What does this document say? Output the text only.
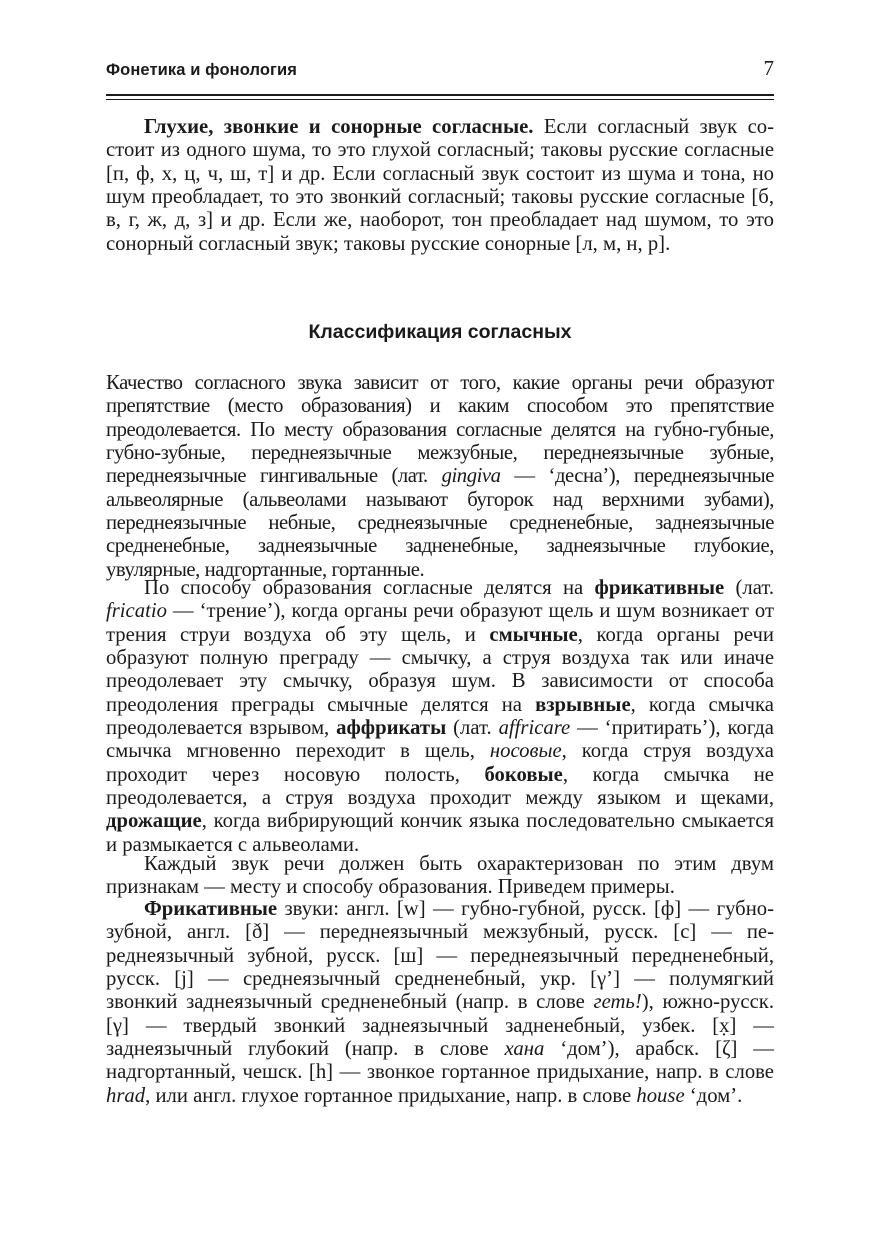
Фонетика и фонология	7

Глухие, звонкие и сонорные согласные. Если согласный звук состоит из одного шума, то это глухой согласный; таковы русские согласные [п, ф, х, ц, ч, ш, т] и др. Если согласный звук состоит из шума и тона, но шум преобладает, то это звонкий согласный; таковы русские согласные [б, в, г, ж, д, з] и др. Если же, наоборот, тон преобладает над шумом, то это сонорный согласный звук; таковы русские сонорные [л, м, н, р].

Классификация согласных

Качество согласного звука зависит от того, какие органы речи образуют препятствие (место образования) и каким способом это препятствие преодолевается. По месту образования согласные делятся на губно-губные, губно-зубные, переднеязычные межзубные, переднеязычные зубные, переднеязычные гингивальные (лат. gingiva — ‘десна’), переднеязычные альвеолярные (альвеолами называют бугорок над верхними зубами), переднеязычные небные, среднеязычные средненебные, заднеязычные средненебные, заднеязычные задненебные, заднеязычные глубокие, увулярные, надгортанные, гортанные.

По способу образования согласные делятся на фрикативные (лат. fricatio — ‘трение’), когда органы речи образуют щель и шум возникает от трения струи воздуха об эту щель, и смычные, когда органы речи образуют полную преграду — смычку, а струя воздуха так или иначе преодолевает эту смычку, образуя шум. В зависимости от способа преодоления преграды смычные делятся на взрывные, когда смычка преодолевается взрывом, аффрикаты (лат. affricare — ‘притирать’), когда смычка мгновенно переходит в щель, носовые, когда струя воздуха проходит через носовую полость, боковые, когда смычка не преодолевается, а струя воздуха проходит между языком и щеками, дрожащие, когда вибрирующий кончик языка последовательно смыкается и размыкается с альвеолами.

Каждый звук речи должен быть охарактеризован по этим двум признакам — месту и способу образования. Приведем примеры.

Фрикативные звуки: англ. [w] — губно-губной, русск. [ф] — губнозубной, англ. [ð] — переднеязычный межзубный, русск. [с] — переднеязычный зубной, русск. [ш] — переднеязычный передненебный, русск. [j] — среднеязычный средненебный, укр. [γ’] — полумягкий звонкий заднеязычный средненебный (напр. в слове геть!), южно-русск. [γ] — твердый звонкий заднеязычный задненебный, узбек. [x̣] — заднеязычный глубокий (напр. в слове хана ‘дом’), арабск. [ζ] — надгортанный, чешск. [h] — звонкое гортанное придыхание, напр. в слове hrad, или англ. глухое гортанное придыхание, напр. в слове house ‘дом’.
